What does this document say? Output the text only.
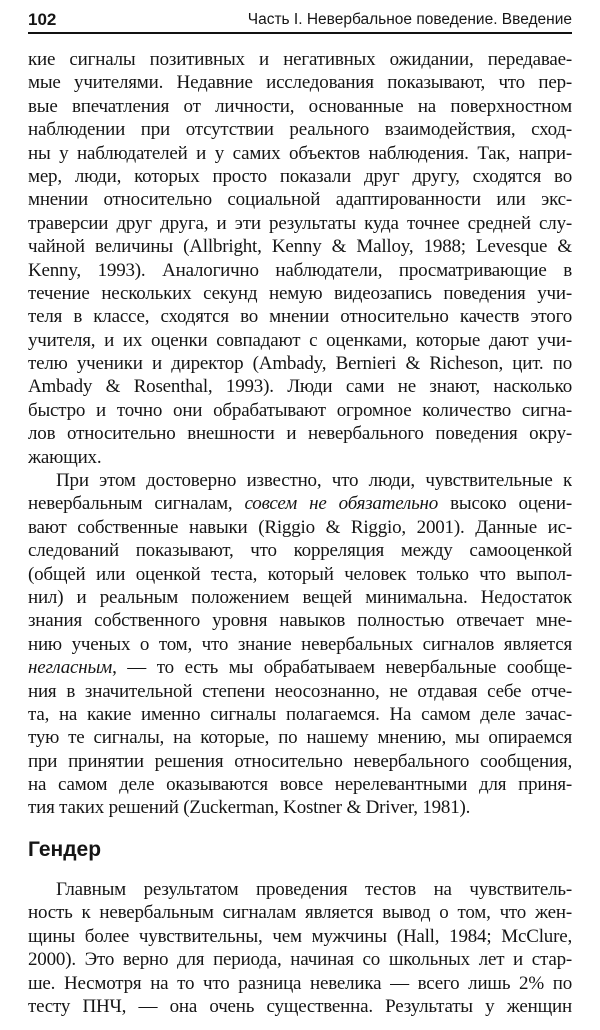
102	Часть I. Невербальное поведение. Введение
кие сигналы позитивных и негативных ожидании, передавае-
мые учителями. Недавние исследования показывают, что пер-
вые впечатления от личности, основанные на поверхностном
наблюдении при отсутствии реального взаимодействия, сход-
ны у наблюдателей и у самих объектов наблюдения. Так, напри-
мер, люди, которых просто показали друг другу, сходятся во
мнении относительно социальной адаптированности или экс-
траверсии друг друга, и эти результаты куда точнее средней слу-
чайной величины (Allbright, Kenny & Malloy, 1988; Levesque &
Kenny, 1993). Аналогично наблюдатели, просматривающие в
течение нескольких секунд немую видеозапись поведения учи-
теля в классе, сходятся во мнении относительно качеств этого
учителя, и их оценки совпадают с оценками, которые дают учи-
телю ученики и директор (Ambady, Bernieri & Richeson, цит. по
Ambady & Rosenthal, 1993). Люди сами не знают, насколько
быстро и точно они обрабатывают огромное количество сигна-
лов относительно внешности и невербального поведения окру-
жающих.
При этом достоверно известно, что люди, чувствительные к
невербальным сигналам, совсем не обязательно высоко оцени-
вают собственные навыки (Riggio & Riggio, 2001). Данные ис-
следований показывают, что корреляция между самооценкой
(общей или оценкой теста, который человек только что выпол-
нил) и реальным положением вещей минимальна. Недостаток
знания собственного уровня навыков полностью отвечает мне-
нию ученых о том, что знание невербальных сигналов является
негласным, — то есть мы обрабатываем невербальные сообще-
ния в значительной степени неосознанно, не отдавая себе отче-
та, на какие именно сигналы полагаемся. На самом деле зачас-
тую те сигналы, на которые, по нашему мнению, мы опираемся
при принятии решения относительно невербального сообщения,
на самом деле оказываются вовсе нерелевантными для приня-
тия таких решений (Zuckerman, Kostner & Driver, 1981).
Гендер
Главным результатом проведения тестов на чувствитель-
ность к невербальным сигналам является вывод о том, что жен-
щины более чувствительны, чем мужчины (Hall, 1984; McClure,
2000). Это верно для периода, начиная со школьных лет и стар-
ше. Несмотря на то что разница невелика — всего лишь 2% по
тесту ПНЧ, — она очень существенна. Результаты у женщин
